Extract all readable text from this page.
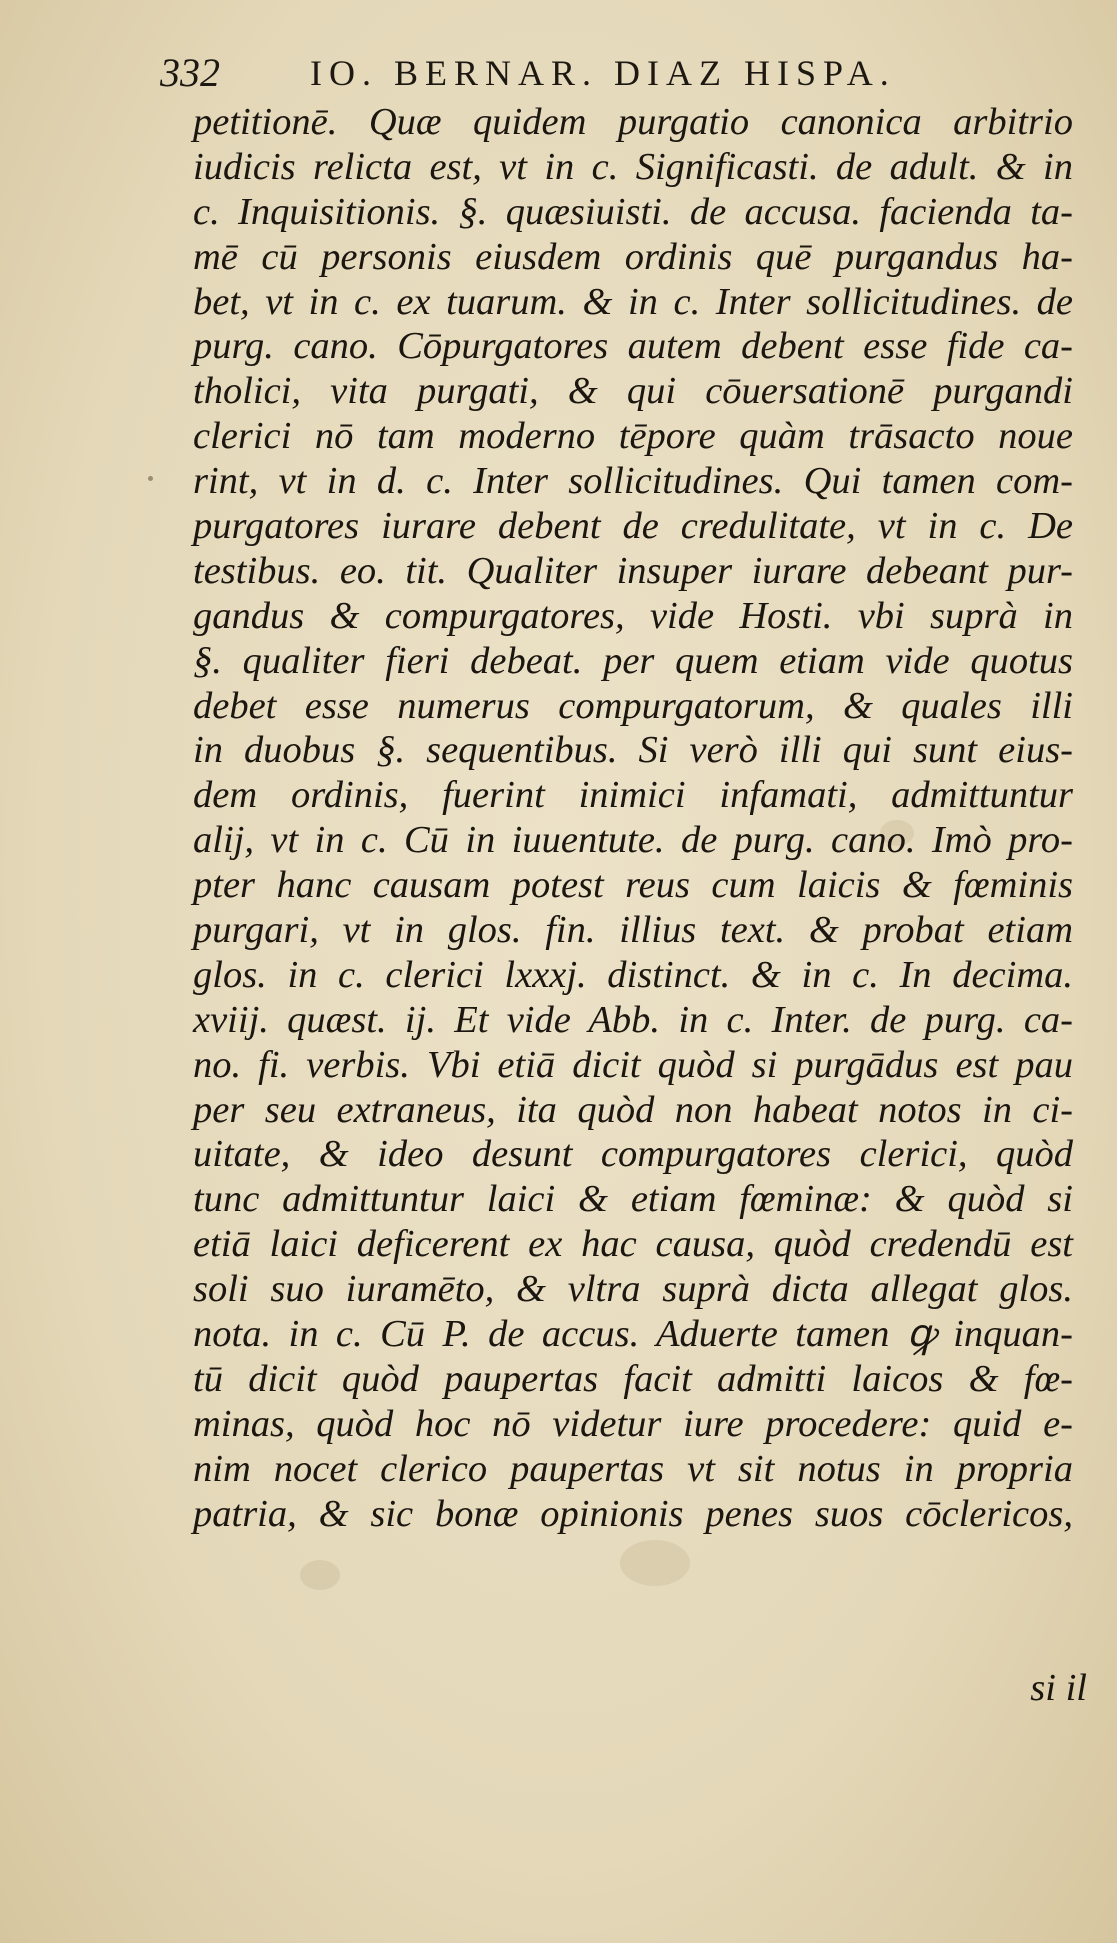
332	IO. BERNAR. DIAZ HISPA.
petitionē. Quæ quidem purgatio canonica arbitrio
iudicis relicta est, vt in c. Significasti. de adult. & in
c. Inquisitionis. §. quæsiuisti. de accusa. facienda ta-
mē cū personis eiusdem ordinis quē purgandus ha-
bet, vt in c. ex tuarum. & in c. Inter sollicitudines. de
purg. cano. Cōpurgatores autem debent esse fide ca-
tholici, vita purgati, & qui cōuersationē purgandi
clerici nō tam moderno tēpore quàm trāsacto noue
rint, vt in d. c. Inter sollicitudines. Qui tamen com-
purgatores iurare debent de credulitate, vt in c. De
testibus. eo. tit. Qualiter insuper iurare debeant pur-
gandus & compurgatores, vide Hosti. vbi suprà in
§. qualiter fieri debeat. per quem etiam vide quotus
debet esse numerus compurgatorum, & quales illi
in duobus §. sequentibus. Si verò illi qui sunt eius-
dem ordinis, fuerint inimici infamati, admittuntur
alij, vt in c. Cū in iuuentute. de purg. cano. Imò pro-
pter hanc causam potest reus cum laicis & fœminis
purgari, vt in glos. fin. illius text. & probat etiam
glos. in c. clerici lxxxj. distinct. & in c. In decima.
xviij. quæst. ij. Et vide Abb. in c. Inter. de purg. ca-
no. fi. verbis. Vbi etiā dicit quòd si purgādus est pau
per seu extraneus, ita quòd non habeat notos in ci-
uitate, & ideo desunt compurgatores clerici, quòd
tunc admittuntur laici & etiam fœminæ: & quòd si
etiā laici deficerent ex hac causa, quòd credendū est
soli suo iuramēto, & vltra suprà dicta allegat glos.
nota. in c. Cū P. de accus. Aduerte tamen ꝙ inquan-
tū dicit quòd paupertas facit admitti laicos & fœ-
minas, quòd hoc nō videtur iure procedere: quid e-
nim nocet clerico paupertas vt sit notus in propria
patria, & sic bonæ opinionis penes suos cōclericos,
si il
